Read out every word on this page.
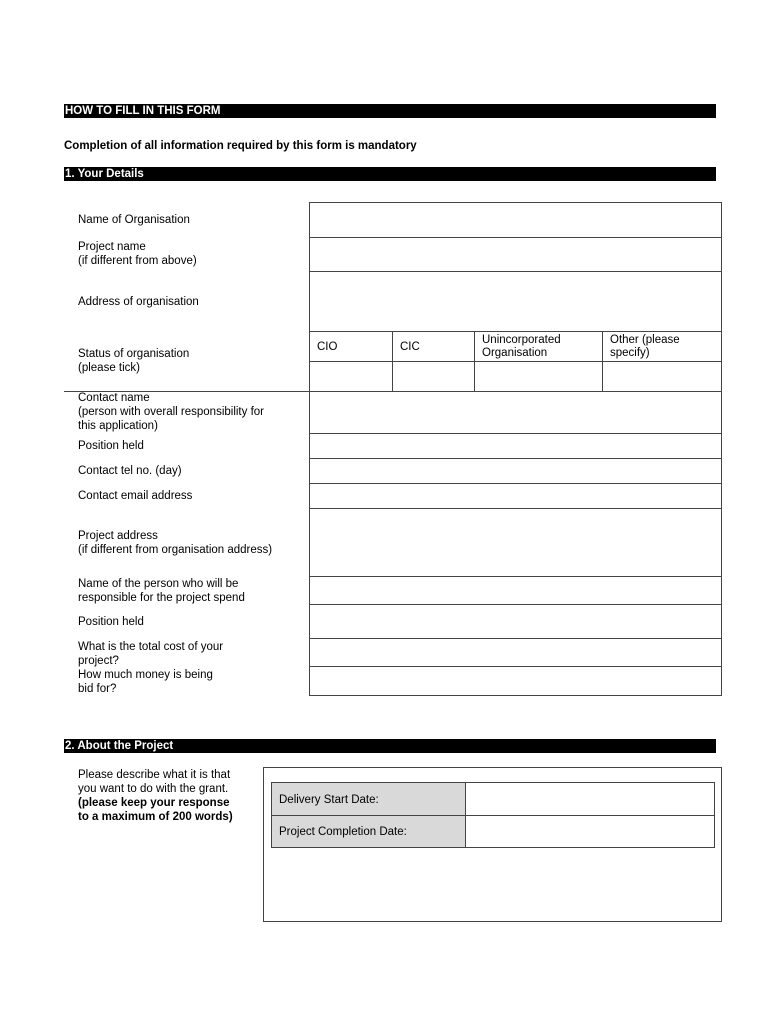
HOW TO FILL IN THIS FORM
Completion of all information required by this form is mandatory
1. Your Details
Name of Organisation
Project name
(if different from above)
Address of organisation
Status of organisation
(please tick)
Contact name
(person with overall responsibility for
this application)
Position held
Contact tel no. (day)
Contact email address
Project address
(if different from organisation address)
Name of the person who will be
responsible for the project spend
Position held
What is the total cost of your
project?
How much money is being
bid for?
CIO	CIC
Unincorporated
Organisation
Other (please
specify)
2. About the Project
Please describe what it is that
you want to do with the grant.
(please keep your response
to a maximum of 200 words)
Delivery Start Date:
Project Completion Date:
